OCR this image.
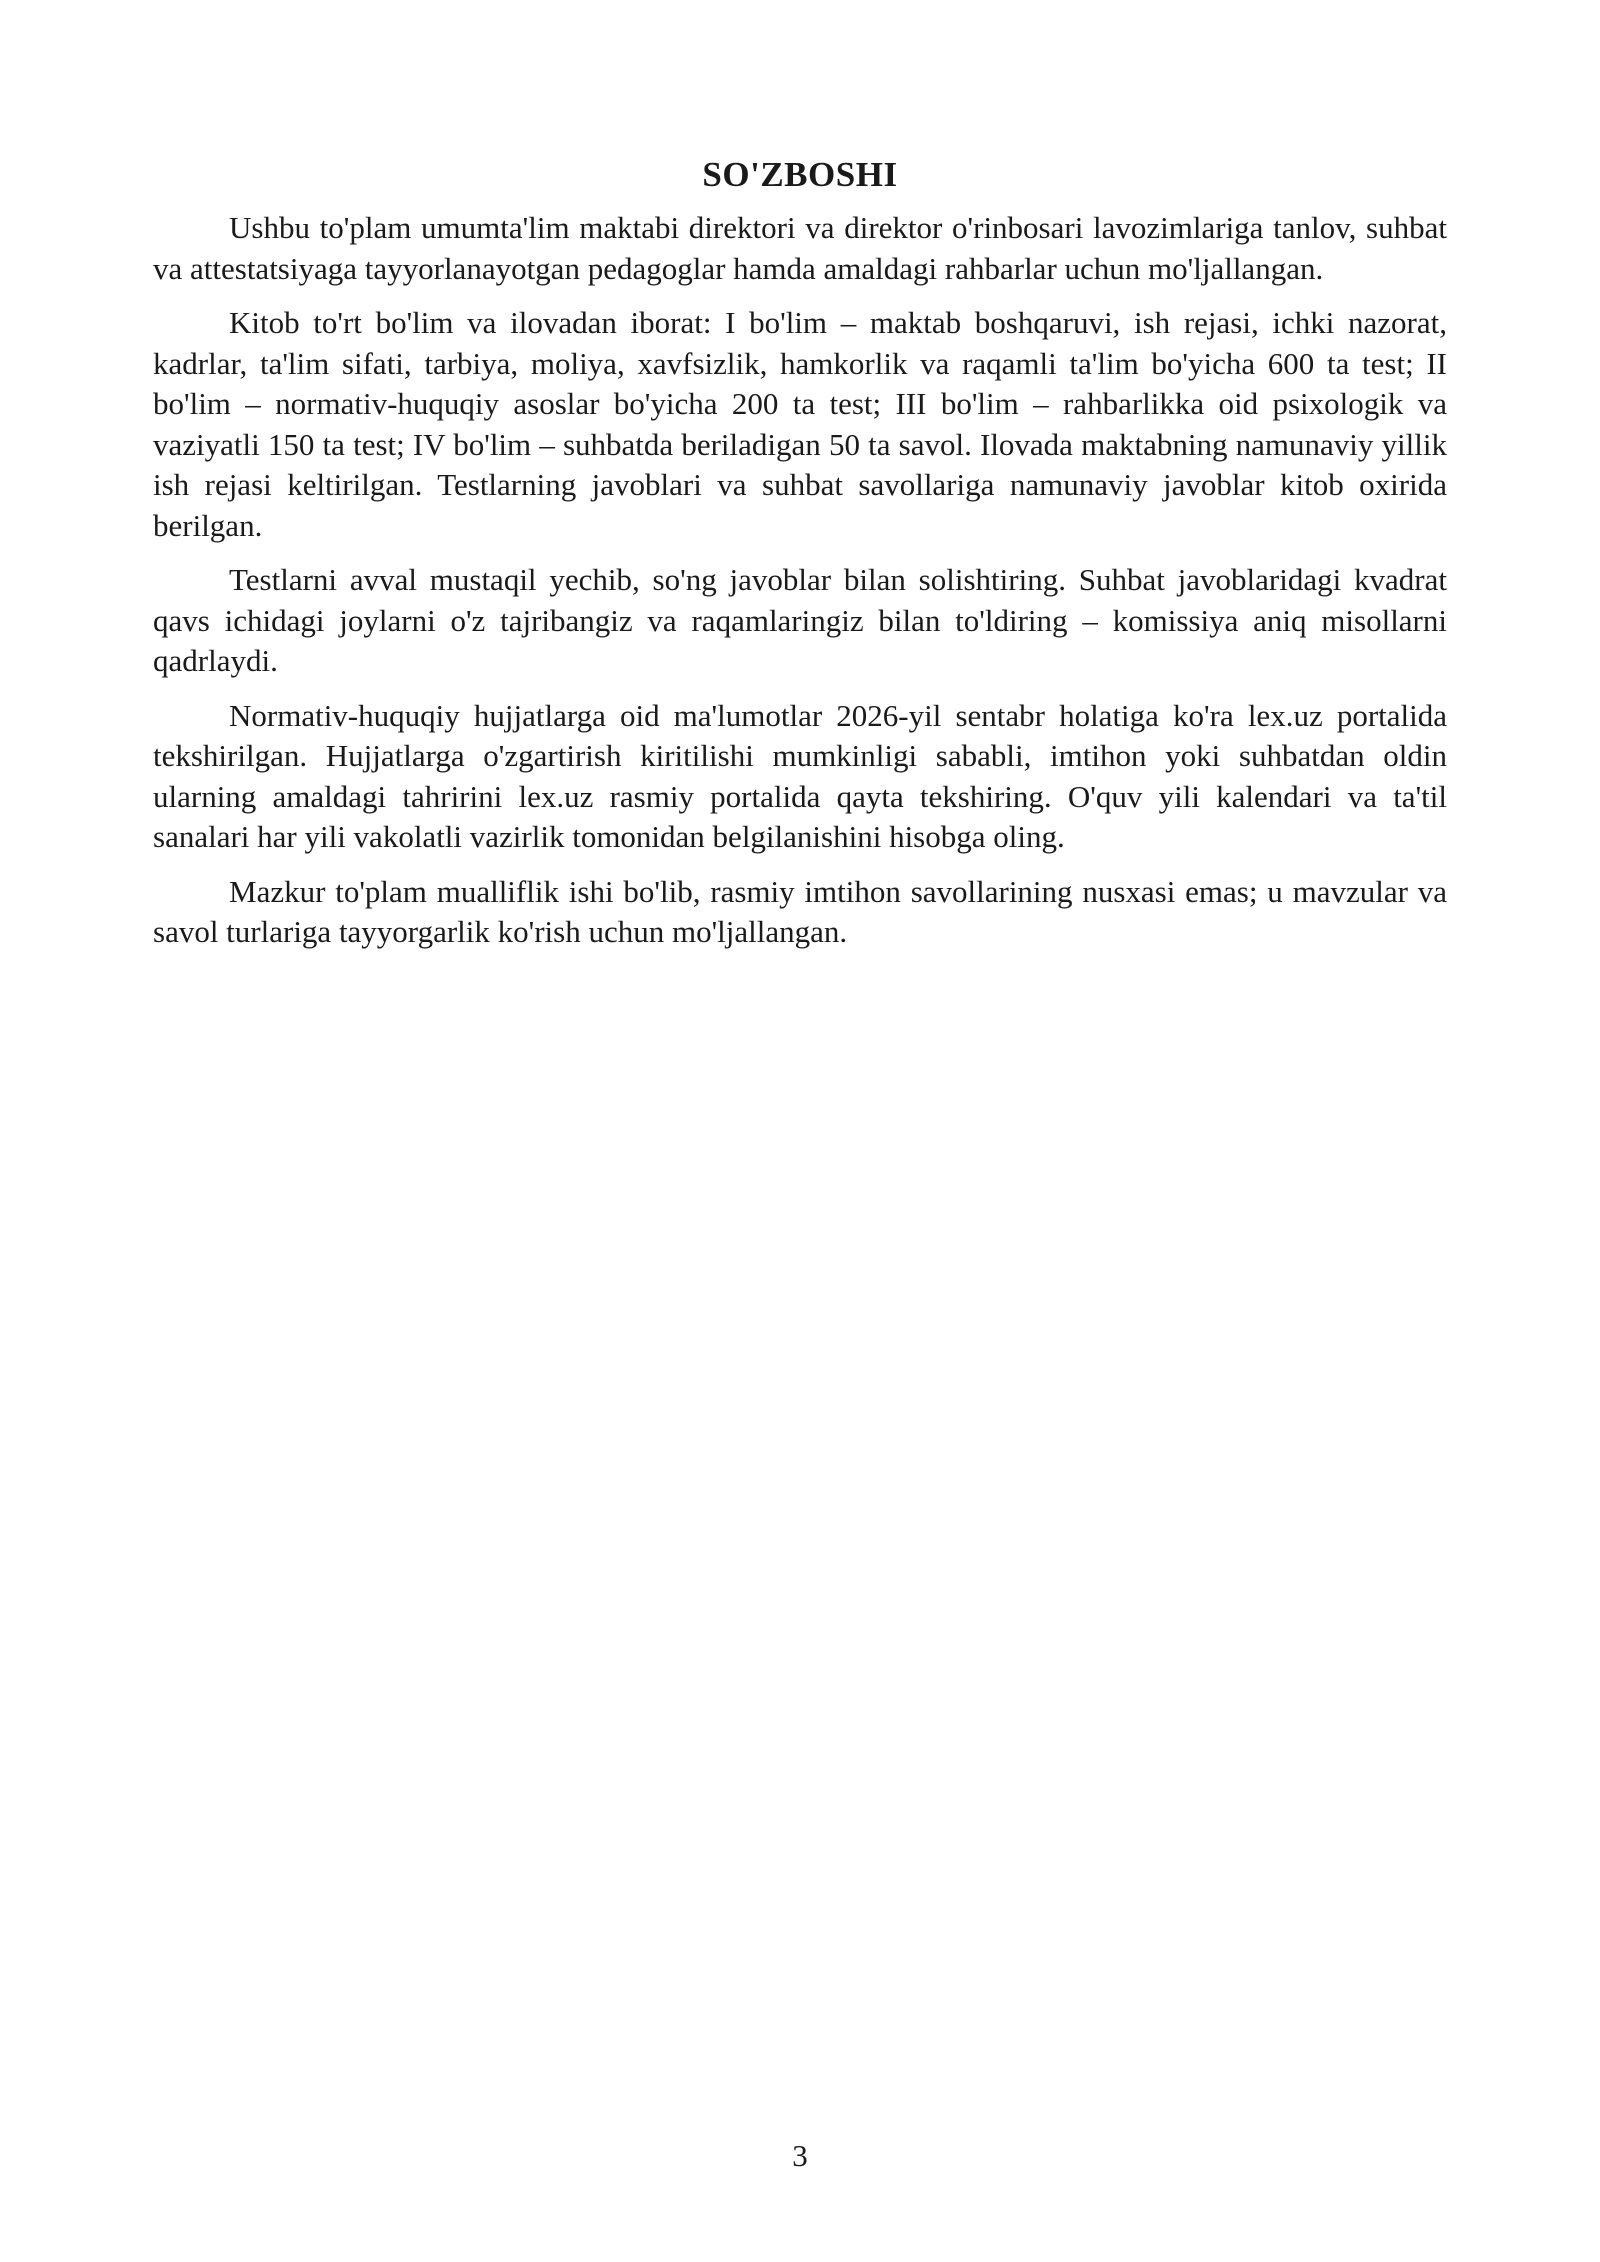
SO'ZBOSHI

Ushbu to'plam umumta'lim maktabi direktori va direktor o'rinbosari lavozimlariga tanlov, suhbat va attestatsiyaga tayyorlanayotgan pedagoglar hamda amaldagi rahbarlar uchun mo'ljallangan.

Kitob to'rt bo'lim va ilovadan iborat: I bo'lim – maktab boshqaruvi, ish rejasi, ichki nazorat, kadrlar, ta'lim sifati, tarbiya, moliya, xavfsizlik, hamkorlik va raqamli ta'lim bo'yicha 600 ta test; II bo'lim – normativ-huquqiy asoslar bo'yicha 200 ta test; III bo'lim – rahbarlikka oid psixologik va vaziyatli 150 ta test; IV bo'lim – suhbatda beriladigan 50 ta savol. Ilovada maktabning namunaviy yillik ish rejasi keltirilgan. Testlarning javoblari va suhbat savollariga namunaviy javoblar kitob oxirida berilgan.

Testlarni avval mustaqil yechib, so'ng javoblar bilan solishtiring. Suhbat javoblaridagi kvadrat qavs ichidagi joylarni o'z tajribangiz va raqamlaringiz bilan to'ldiring – komissiya aniq misollarni qadrlaydi.

Normativ-huquqiy hujjatlarga oid ma'lumotlar 2026-yil sentabr holatiga ko'ra lex.uz portalida tekshirilgan. Hujjatlarga o'zgartirish kiritilishi mumkinligi sababli, imtihon yoki suhbatdan oldin ularning amaldagi tahririni lex.uz rasmiy portalida qayta tekshiring. O'quv yili kalendari va ta'til sanalari har yili vakolatli vazirlik tomonidan belgilanishini hisobga oling.

Mazkur to'plam mualliflik ishi bo'lib, rasmiy imtihon savollarining nusxasi emas; u mavzular va savol turlariga tayyorgarlik ko'rish uchun mo'ljallangan.

3
